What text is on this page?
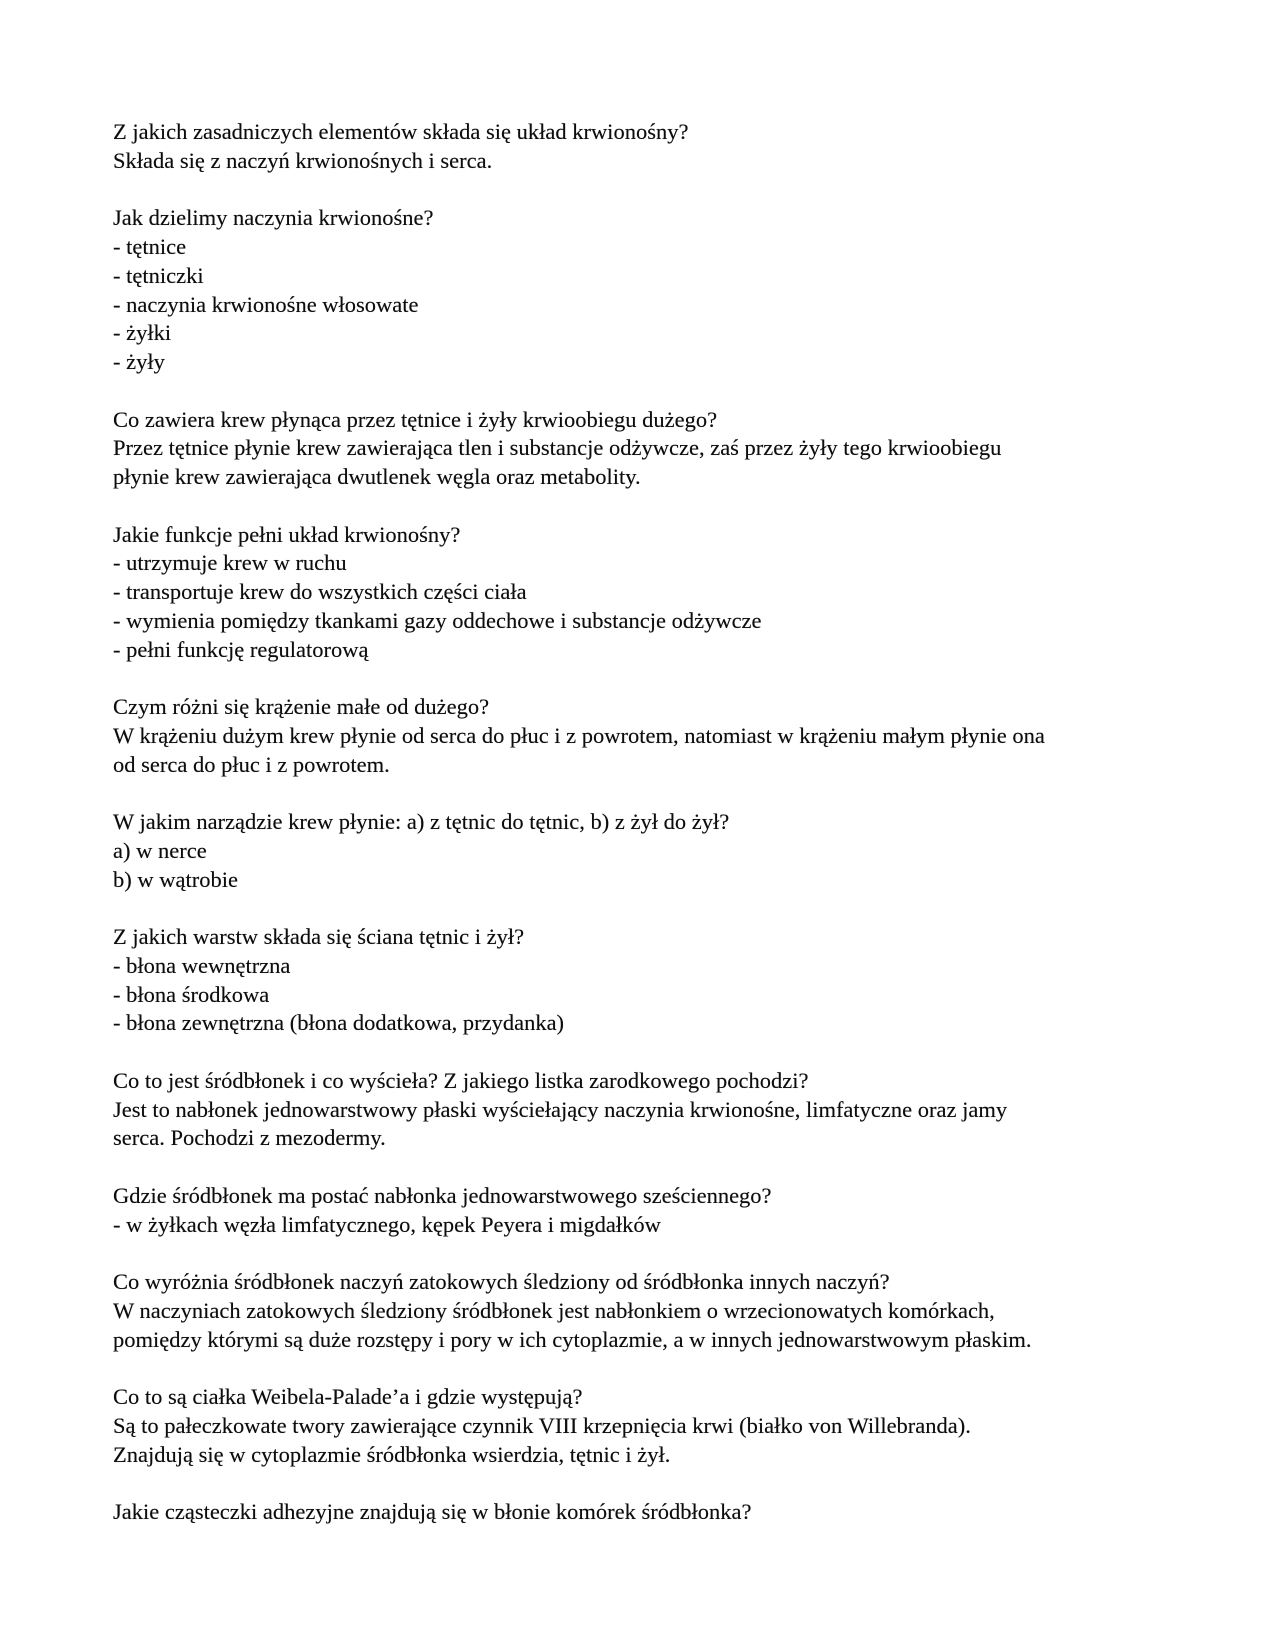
Z jakich zasadniczych elementów składa się układ krwionośny?
Składa się z naczyń krwionośnych i serca.
Jak dzielimy naczynia krwionośne?
- tętnice
- tętniczki
- naczynia krwionośne włosowate
- żyłki
- żyły
Co zawiera krew płynąca przez tętnice i żyły krwioobiegu dużego?
Przez tętnice płynie krew zawierająca tlen i substancje odżywcze, zaś przez żyły tego krwioobiegu
płynie krew zawierająca dwutlenek węgla oraz metabolity.
Jakie funkcje pełni układ krwionośny?
- utrzymuje krew w ruchu
- transportuje krew do wszystkich części ciała
- wymienia pomiędzy tkankami gazy oddechowe i substancje odżywcze
- pełni funkcję regulatorową
Czym różni się krążenie małe od dużego?
W krążeniu dużym krew płynie od serca do płuc i z powrotem, natomiast w krążeniu małym płynie ona
od serca do płuc i z powrotem.
W jakim narządzie krew płynie: a) z tętnic do tętnic, b) z żył do żył?
a) w nerce
b) w wątrobie
Z jakich warstw składa się ściana tętnic i żył?
- błona wewnętrzna
- błona środkowa
- błona zewnętrzna (błona dodatkowa, przydanka)
Co to jest śródbłonek i co wyścieła? Z jakiego listka zarodkowego pochodzi?
Jest to nabłonek jednowarstwowy płaski wyściełający naczynia krwionośne, limfatyczne oraz jamy
serca. Pochodzi z mezodermy.
Gdzie śródbłonek ma postać nabłonka jednowarstwowego sześciennego?
- w żyłkach węzła limfatycznego, kępek Peyera i migdałków
Co wyróżnia śródbłonek naczyń zatokowych śledziony od śródbłonka innych naczyń?
W naczyniach zatokowych śledziony śródbłonek jest nabłonkiem o wrzecionowatych komórkach,
pomiędzy którymi są duże rozstępy i pory w ich cytoplazmie, a w innych jednowarstwowym płaskim.
Co to są ciałka Weibela-Palade’a i gdzie występują?
Są to pałeczkowate twory zawierające czynnik VIII krzepnięcia krwi (białko von Willebranda).
Znajdują się w cytoplazmie śródbłonka wsierdzia, tętnic i żył.
Jakie cząsteczki adhezyjne znajdują się w błonie komórek śródbłonka?
